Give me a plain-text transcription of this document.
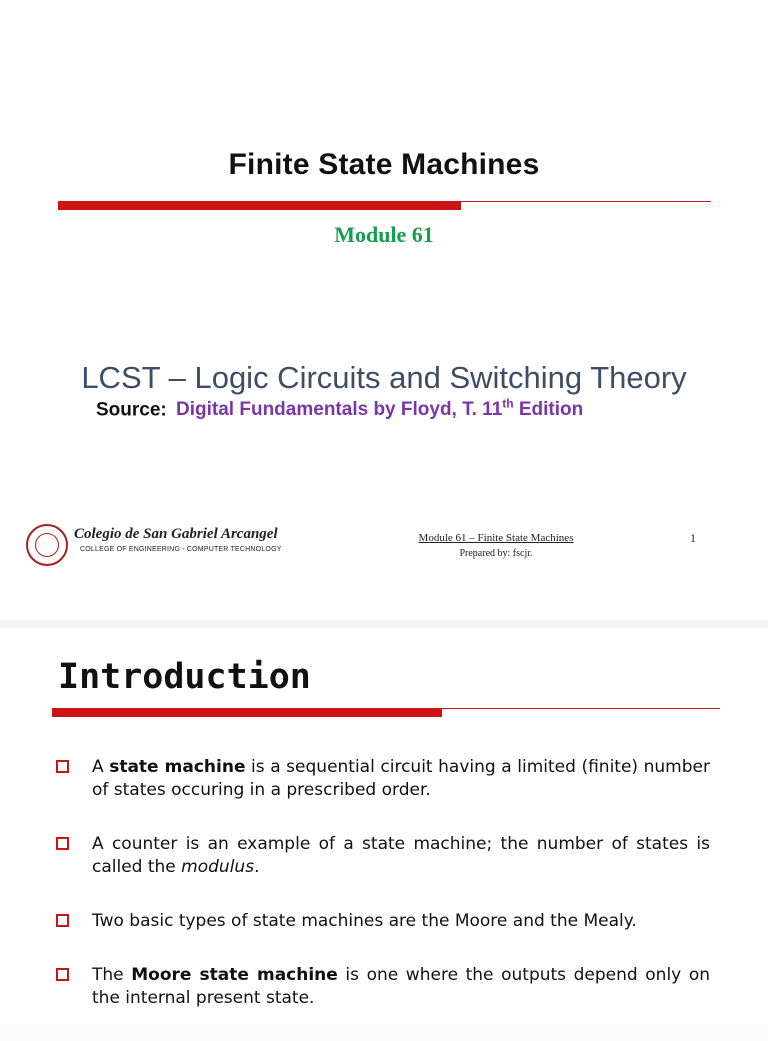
Finite State Machines
Module 61
LCST – Logic Circuits and Switching Theory
Source: Digital Fundamentals by Floyd, T. 11th Edition
Colegio de San Gabriel Arcangel
COLLEGE OF ENGINEERING - COMPUTER TECHNOLOGY
Module 61 – Finite State Machines
Prepared by: fscjr.
1
Introduction
A state machine is a sequential circuit having a limited (finite) number of states occuring in a prescribed order.
A counter is an example of a state machine; the number of states is called the modulus.
Two basic types of state machines are the Moore and the Mealy.
The Moore state machine is one where the outputs depend only on the internal present state.
